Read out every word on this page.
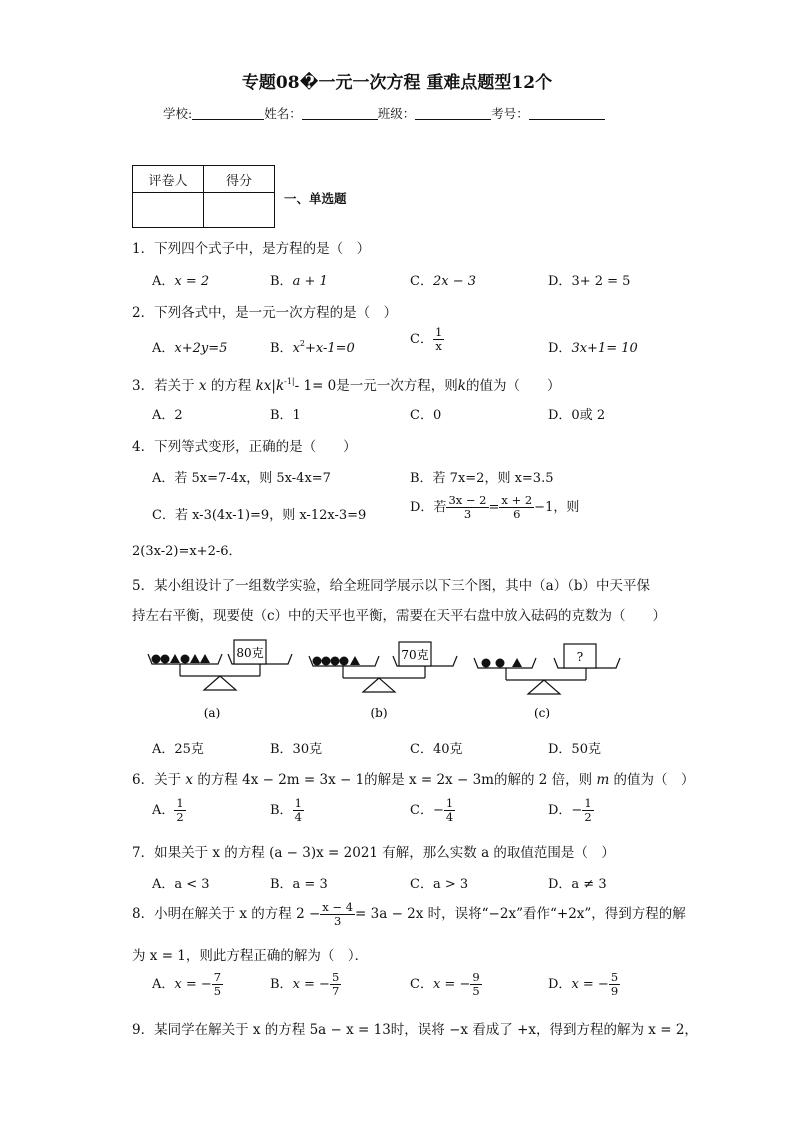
专题08�一元一次方程 重难点题型12个
学校:	姓名：	班级：	考号：
评卷人	得分

一、单选题
1．下列四个式子中，是方程的是（　）
A．x = 2	B．a + 1	C．2x − 3	D．3+ 2 = 5
2．下列各式中，是一元一次方程的是（　）
A．x+2y=5	B．$x^2+x-1=0$
C． $\frac{1}{x}$	D．3x+1= 10
3．若关于 x 的方程 $kx|k^{-1|}-$ 1= 0是一元一次方程，则k的值为（　　）
A．2	B．1	C．0	D．0或 2
4．下列等式变形，正确的是（　　）
A．若 5x=7-4x，则 5x-4x=7	B．若 7x=2，则 x=3.5
C．若 x-3(4x-1)=9，则 x-12x-3=9
D．若 $\frac{3x - 2}{3} = \frac{x + 2}{6} -1$，则
2(3x-2)=x+2-6．
5．某小组设计了一组数学实验，给全班同学展示以下三个图，其中（a）（b）中天平保
持左右平衡，现要使（c）中的天平也平衡，需要在天平右盘中放入砝码的克数为（　　）
80克
(a)
70克
(b)
?
(c)
A．25克	B．30克	C．40克	D．50克
6．关于 x 的方程 4x − 2m = 3x − 1的解是 x = 2x − 3m的解的 2 倍，则 m 的值为（　）
A． $\frac{1}{2}$	B． $\frac{1}{4}$	C．− $\frac{1}{4}$	D．− $\frac{1}{2}$
7．如果关于 x 的方程 (a − 3)x = 2021 有解，那么实数 a 的取值范围是（　）
A．a < 3	B．a = 3	C．a > 3	D．a ≠ 3
8．小明在解关于 x 的方程 $2 - \frac{x - 4}{3} = 3a - 2x$ 时，误将“−2x”看作“+2x”，得到方程的解
为 x = 1，则此方程正确的解为（　）．
A．x = − $\frac{7}{5}$	B．x = − $\frac{5}{7}$	C．x = − $\frac{9}{5}$	D．x = − $\frac{5}{9}$
9．某同学在解关于 x 的方程 5a − x = 13时，误将 −x 看成了 +x，得到方程的解为 x = 2，
